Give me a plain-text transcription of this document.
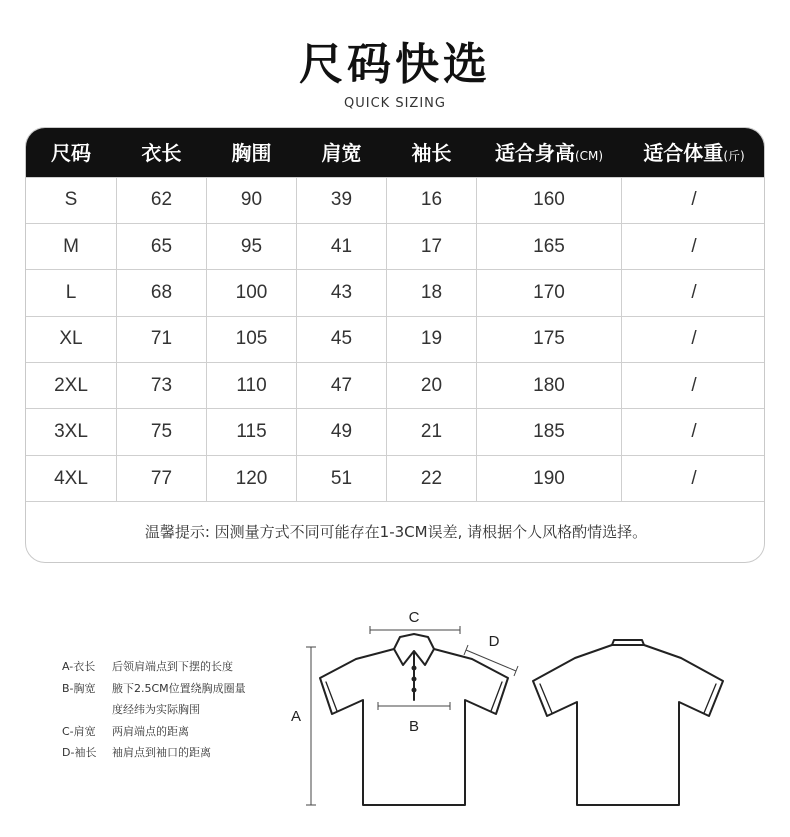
尺码快选
QUICK SIZING
尺码	衣长	胸围	肩宽	袖长	适合身高(CM)	适合体重(斤)
S	62	90	39	16	160	/
M	65	95	41	17	165	/
L	68	100	43	18	170	/
XL	71	105	45	19	175	/
2XL	73	110	47	20	180	/
3XL	75	115	49	21	185	/
4XL	77	120	51	22	190	/
温馨提示: 因测量方式不同可能存在1-3CM误差, 请根据个人风格酌情选择。
A-衣长	后领肩端点到下摆的长度
B-胸宽	腋下2.5CM位置绕胸成圈量
度经纬为实际胸围
C-肩宽	两肩端点的距离
D-袖长	袖肩点到袖口的距离
A
B
C
D
